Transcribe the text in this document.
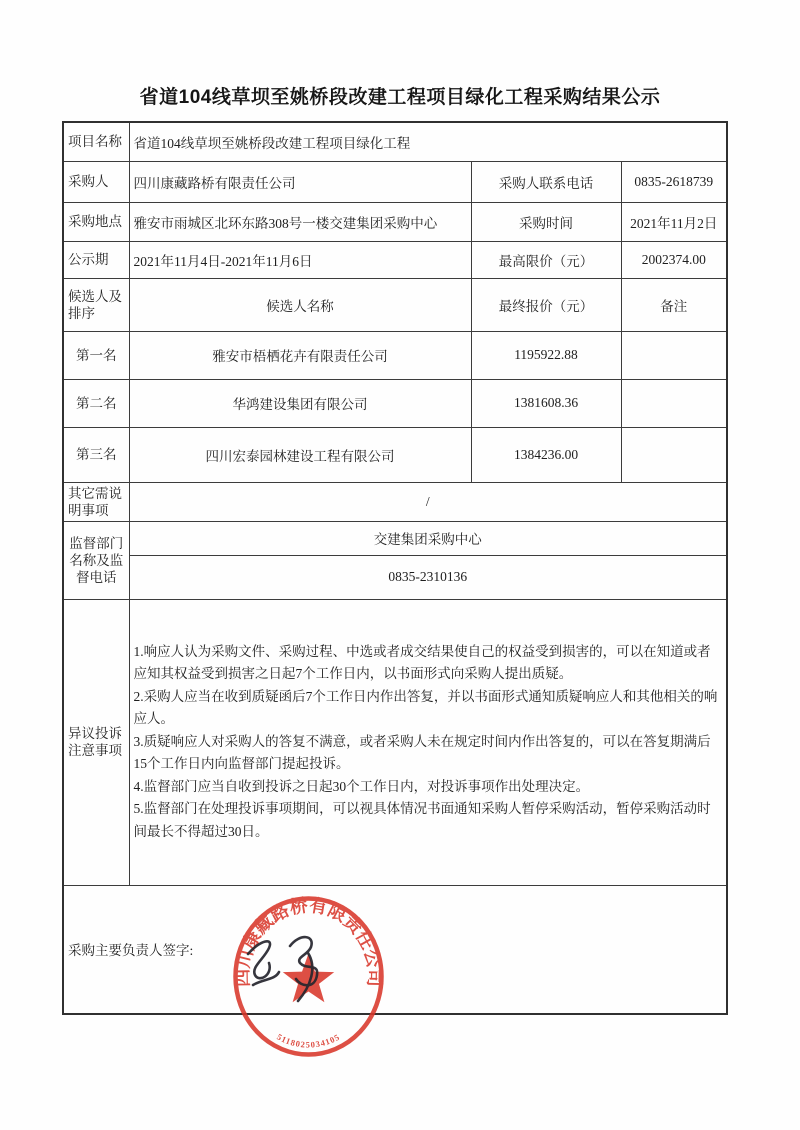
省道104线草坝至姚桥段改建工程项目绿化工程采购结果公示
项目名称	省道104线草坝至姚桥段改建工程项目绿化工程		
采购人	四川康藏路桥有限责任公司	采购人联系电话	0835-2618739
采购地点	雅安市雨城区北环东路308号一楼交建集团采购中心	采购时间	2021年11月2日
公示期	2021年11月4日-2021年11月6日	最高限价（元）	2002374.00
候选人及排序	候选人名称	最终报价（元）	备注
第一名	雅安市梧栖花卉有限责任公司	1195922.88	
第二名	华鸿建设集团有限公司	1381608.36	
第三名	四川宏泰园林建设工程有限公司	1384236.00	
其它需说明事项	/		
监督部门名称及监督电话	交建集团采购中心		
	0835-2310136		
异议投诉注意事项	1.响应人认为采购文件、采购过程、中选或者成交结果使自己的权益受到损害的，可以在知道或者应知其权益受到损害之日起7个工作日内，以书面形式向采购人提出质疑。
2.采购人应当在收到质疑函后7个工作日内作出答复，并以书面形式通知质疑响应人和其他相关的响应人。
3.质疑响应人对采购人的答复不满意，或者采购人未在规定时间内作出答复的，可以在答复期满后15个工作日内向监督部门提起投诉。
4.监督部门应当自收到投诉之日起30个工作日内，对投诉事项作出处理决定。
5.监督部门在处理投诉事项期间，可以视具体情况书面通知采购人暂停采购活动，暂停采购活动时间最长不得超过30日。		

采购主要负责人签字:			
四川康藏路桥有限责任公司
5118025034105
